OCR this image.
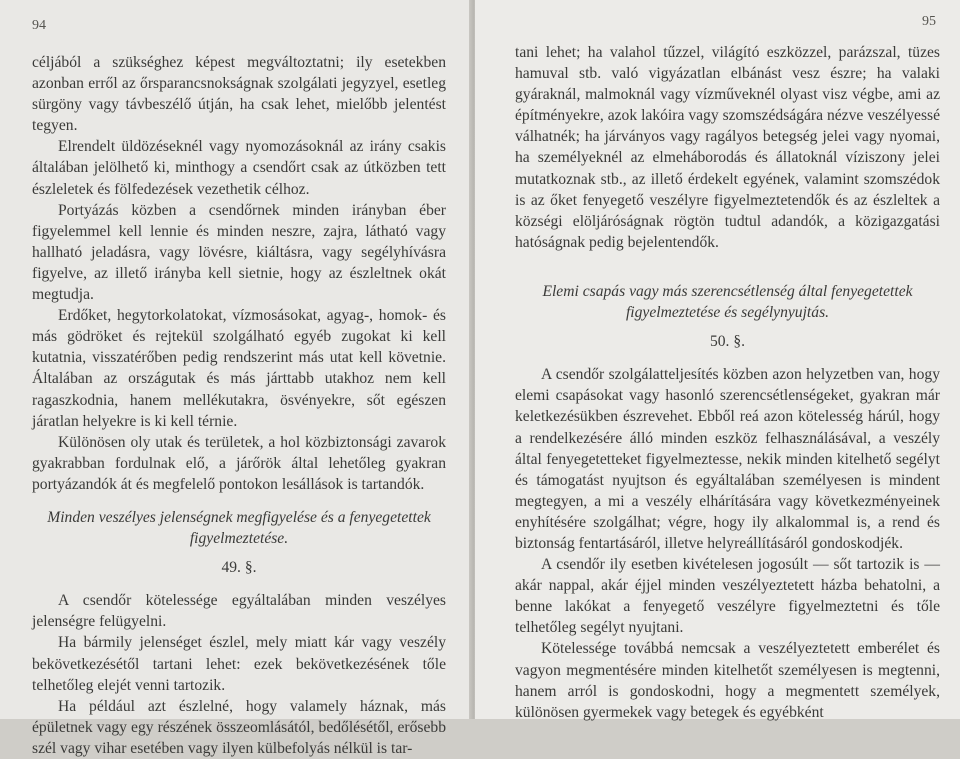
94

céljából a szükséghez képest megváltoztatni; ily esetekben azonban erről az őrsparancsnokságnak szolgálati jegyzyel, esetleg sürgöny vagy távbeszélő útján, ha csak lehet, mielőbb jelentést tegyen.

Elrendelt üldözéseknél vagy nyomozásoknál az irány csakis általában jelölhető ki, minthogy a csendőrt csak az útközben tett észleletek és fölfedezések vezethetik célhoz.

Portyázás közben a csendőrnek minden irányban éber figyelemmel kell lennie és minden neszre, zajra, látható vagy hallható jeladásra, vagy lövésre, kiáltásra, vagy segélyhívásra figyelve, az illető irányba kell sietnie, hogy az észleltnek okát megtudja.

Erdőket, hegytorkolatokat, vízmosásokat, agyag-, homok- és más gödröket és rejtekül szolgálható egyéb zugokat ki kell kutatnia, visszatérőben pedig rendszerint más utat kell követnie. Általában az országutak és más járttabb utakhoz nem kell ragaszkodnia, hanem mellékutakra, ösvényekre, sőt egészen járatlan helyekre is ki kell térnie.

Különösen oly utak és területek, a hol közbiztonsági zavarok gyakrabban fordulnak elő, a járőrök által lehetőleg gyakran portyázandók át és megfelelő pontokon lesállások is tartandók.

Minden veszélyes jelenségnek megfigyelése és a fenyegetettek figyelmeztetése.
49. §.

A csendőr kötelessége egyáltalában minden veszélyes jelenségre felügyelni.

Ha bármily jelenséget észlel, mely miatt kár vagy veszély bekövetkezésétől tartani lehet: ezek bekövetkezésének tőle telhetőleg elejét venni tartozik.

Ha például azt észlelné, hogy valamely háznak, más épületnek vagy egy részének összeomlásától, bedőlésétől, erősebb szél vagy vihar esetében vagy ilyen külbefolyás nélkül is tar-

95

tani lehet; ha valahol tűzzel, világító eszközzel, parázszal, tüzes hamuval stb. való vigyázatlan elbánást vesz észre; ha valaki gyáraknál, malmoknál vagy vízműveknél olyast visz végbe, ami az építményekre, azok lakóira vagy szomszédságára nézve veszélyessé válhatnék; ha járványos vagy ragályos betegség jelei vagy nyomai, ha személyeknél az elmeháborodás és állatoknál víziszony jelei mutatkoznak stb., az illető érdekelt egyének, valamint szomszédok is az őket fenyegető veszélyre figyelmeztetendők és az észleltek a községi elöljáróságnak rögtön tudtul adandók, a közigazgatási hatóságnak pedig bejelentendők.

Elemi csapás vagy más szerencsétlenség által fenyegetettek figyelmeztetése és segélynyujtás.
50. §.

A csendőr szolgálatteljesítés közben azon helyzetben van, hogy elemi csapásokat vagy hasonló szerencsétlenségeket, gyakran már keletkezésükben észrevehet. Ebből reá azon kötelesség hárúl, hogy a rendelkezésére álló minden eszköz felhasználásával, a veszély által fenyegetetteket figyelmeztesse, nekik minden kitelhető segélyt és támogatást nyujtson és egyáltalában személyesen is mindent megtegyen, a mi a veszély elhárítására vagy következményeinek enyhítésére szolgálhat; végre, hogy ily alkalommal is, a rend és biztonság fentartásáról, illetve helyreállításáról gondoskodjék.

A csendőr ily esetben kivételesen jogosúlt — sőt tartozik is — akár nappal, akár éjjel minden veszélyeztetett házba behatolni, a benne lakókat a fenyegető veszélyre figyelmeztetni és tőle telhetőleg segélyt nyujtani.

Kötelessége továbbá nemcsak a veszélyeztetett emberélet és vagyon megmentésére minden kitelhetőt személyesen is megtenni, hanem arról is gondoskodni, hogy a megmentett személyek, különösen gyermekek vagy betegek és egyébként
